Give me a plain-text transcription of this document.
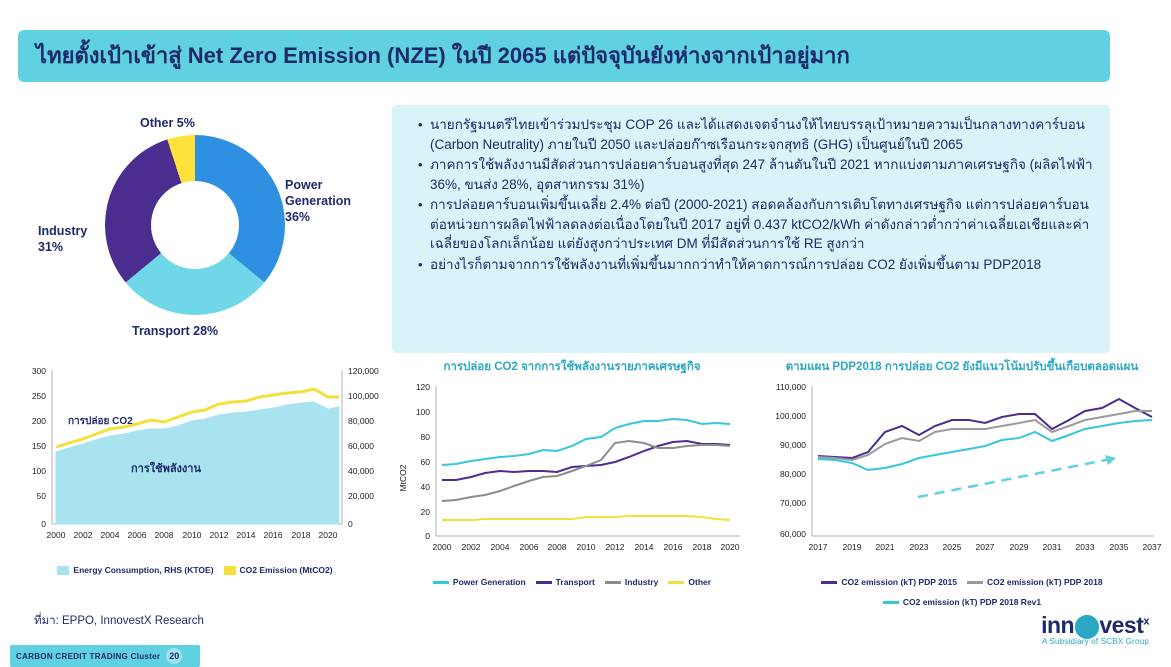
ไทยตั้งเป้าเข้าสู่ Net Zero Emission (NZE) ในปี 2065 แต่ปัจจุบันยังห่างจากเป้าอยู่มาก
Other 5%
Power
Generation
36%
Industry
31%
Transport 28%
• นายกรัฐมนตรีไทยเข้าร่วมประชุม COP 26 และได้แสดงเจตจำนงให้ไทยบรรลุเป้าหมายความเป็นกลางทางคาร์บอน (Carbon Neutrality) ภายในปี 2050 และปล่อยก๊าซเรือนกระจกสุทธิ (GHG) เป็นศูนย์ในปี 2065
• ภาคการใช้พลังงานมีสัดส่วนการปล่อยคาร์บอนสูงที่สุด 247 ล้านตันในปี 2021 หากแบ่งตามภาคเศรษฐกิจ (ผลิตไฟฟ้า 36%, ขนส่ง 28%, อุตสาหกรรม 31%)
• การปล่อยคาร์บอนเพิ่มขึ้นเฉลี่ย 2.4% ต่อปี (2000-2021) สอดคล้องกับการเติบโตทางเศรษฐกิจ แต่การปล่อยคาร์บอนต่อหน่วยการผลิตไฟฟ้าลดลงต่อเนื่องโดยในปี 2017 อยู่ที่ 0.437 ktCO2/kWh ค่าดังกล่าวต่ำกว่าค่าเฉลี่ยเอเชียและค่าเฉลี่ยของโลกเล็กน้อย แต่ยังสูงกว่าประเทศ DM ที่มีสัดส่วนการใช้ RE สูงกว่า
• อย่างไรก็ตามจากการใช้พลังงานที่เพิ่มขึ้นมากกว่าทำให้คาดการณ์การปล่อย CO2 ยังเพิ่มขึ้นตาม PDP2018
300
250
200
150
100
50
0
120,000
100,000
80,000
60,000
40,000
20,000
0
2000 2002 2004 2006 2008 2010 2012 2014 2016 2018 2020
การปล่อย CO2
การใช้พลังงาน
Energy Consumption, RHS (KTOE)	CO2 Emission (MtCO2)
การปล่อย CO2 จากการใช้พลังงานรายภาคเศรษฐกิจ
120
100
80
60
40
20
0
MtCO2
2000 2002 2004 2006 2008 2010 2012 2014 2016 2018 2020
Power Generation	Transport	Industry	Other
ตามแผน PDP2018 การปล่อย CO2 ยังมีแนวโน้มปรับขึ้นเกือบตลอดแผน
110,000
100,000
90,000
80,000
70,000
60,000
2017 2019 2021 2023 2025 2027 2029 2031 2033 2035 2037
CO2 emission (kT) PDP 2015	CO2 emission (kT) PDP 2018
CO2 emission (kT) PDP 2018 Rev1
ที่มา: EPPO, InnovestX Research
CARBON CREDIT TRADING Cluster 20
inn⬤vest$^x$
A Subsidiary of SCBX Group
